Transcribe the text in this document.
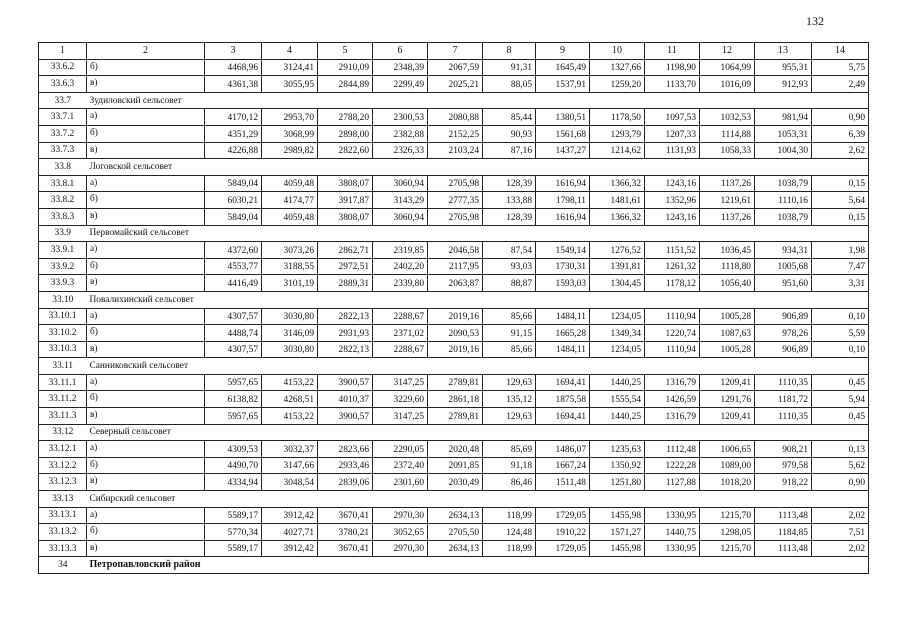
132
1	2	3	4	5	6	7	8	9	10	11	12	13	14
33.6.2	б)	4468,96	3124,41	2910,09	2348,39	2067,59	91,31	1645,49	1327,66	1198,90	1064,99	955,31	5,75
33.6.3	в)	4361,38	3055,95	2844,89	2299,49	2025,21	88,05	1537,91	1259,20	1133,70	1016,09	912,93	2,49
33.7	Зудиловский сельсовет												
33.7.1	а)	4170,12	2953,70	2788,20	2300,53	2080,88	85,44	1380,51	1178,50	1097,53	1032,53	981,94	0,90
33.7.2	б)	4351,29	3068,99	2898,00	2382,88	2152,25	90,93	1561,68	1293,79	1207,33	1114,88	1053,31	6,39
33.7.3	в)	4226,88	2989,82	2822,60	2326,33	2103,24	87,16	1437,27	1214,62	1131,93	1058,33	1004,30	2,62
33.8	Логовской сельсовет												
33.8.1	а)	5849,04	4059,48	3808,07	3060,94	2705,98	128,39	1616,94	1366,32	1243,16	1137,26	1038,79	0,15
33.8.2	б)	6030,21	4174,77	3917,87	3143,29	2777,35	133,88	1798,11	1481,61	1352,96	1219,61	1110,16	5,64
33.8.3	в)	5849,04	4059,48	3808,07	3060,94	2705,98	128,39	1616,94	1366,32	1243,16	1137,26	1038,79	0,15
33.9	Первомайский сельсовет												
33.9.1	а)	4372,60	3073,26	2862,71	2319,85	2046,58	87,54	1549,14	1276,52	1151,52	1036,45	934,31	1,98
33.9.2	б)	4553,77	3188,55	2972,51	2402,20	2117,95	93,03	1730,31	1391,81	1261,32	1118,80	1005,68	7,47
33.9.3	в)	4416,49	3101,19	2889,31	2339,80	2063,87	88,87	1593,03	1304,45	1178,12	1056,40	951,60	3,31
33.10	Повалихинский сельсовет												
33.10.1	а)	4307,57	3030,80	2822,13	2288,67	2019,16	85,66	1484,11	1234,05	1110,94	1005,28	906,89	0,10
33.10.2	б)	4488,74	3146,09	2931,93	2371,02	2090,53	91,15	1665,28	1349,34	1220,74	1087,63	978,26	5,59
33.10.3	в)	4307,57	3030,80	2822,13	2288,67	2019,16	85,66	1484,11	1234,05	1110,94	1005,28	906,89	0,10
33.11	Санниковский сельсовет												
33.11.1	а)	5957,65	4153,22	3900,57	3147,25	2789,81	129,63	1694,41	1440,25	1316,79	1209,41	1110,35	0,45
33.11.2	б)	6138,82	4268,51	4010,37	3229,60	2861,18	135,12	1875,58	1555,54	1426,59	1291,76	1181,72	5,94
33.11.3	в)	5957,65	4153,22	3900,57	3147,25	2789,81	129,63	1694,41	1440,25	1316,79	1209,41	1110,35	0,45
33.12	Северный сельсовет												
33.12.1	а)	4309,53	3032,37	2823,66	2290,05	2020,48	85,69	1486,07	1235,63	1112,48	1006,65	908,21	0,13
33.12.2	б)	4490,70	3147,66	2933,46	2372,40	2091,85	91,18	1667,24	1350,92	1222,28	1089,00	979,58	5,62
33.12.3	в)	4334,94	3048,54	2839,06	2301,60	2030,49	86,46	1511,48	1251,80	1127,88	1018,20	918,22	0,90
33.13	Сибирский сельсовет												
33.13.1	а)	5589,17	3912,42	3670,41	2970,30	2634,13	118,99	1729,05	1455,98	1330,95	1215,70	1113,48	2,02
33.13.2	б)	5770,34	4027,71	3780,21	3052,65	2705,50	124,48	1910,22	1571,27	1440,75	1298,05	1184,85	7,51
33.13.3	в)	5589,17	3912,42	3670,41	2970,30	2634,13	118,99	1729,05	1455,98	1330,95	1215,70	1113,48	2,02
34	Петропавловский район												
